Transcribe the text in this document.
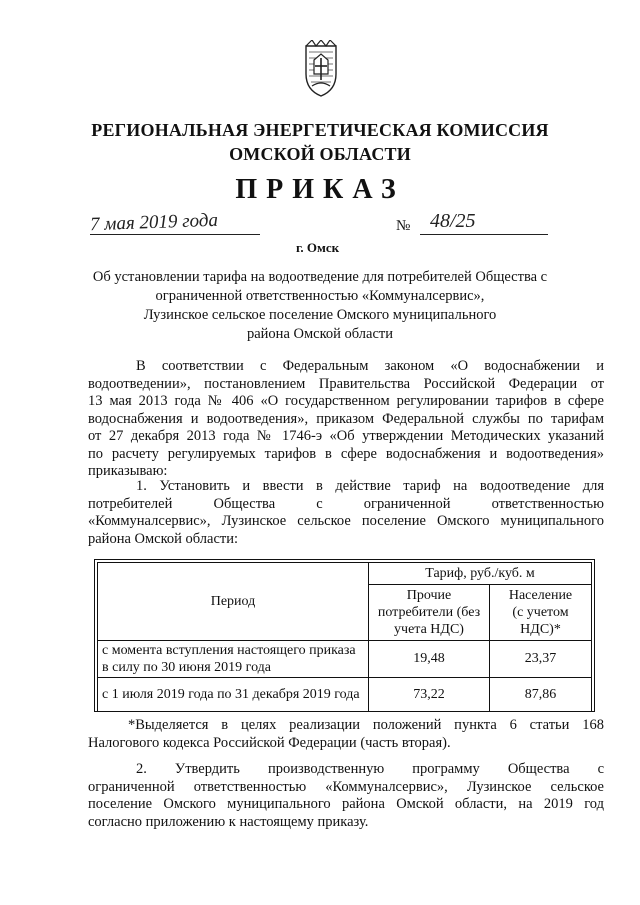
РЕГИОНАЛЬНАЯ ЭНЕРГЕТИЧЕСКАЯ КОМИССИЯ
ОМСКОЙ ОБЛАСТИ
ПРИКАЗ
7 мая 2019 года	№ 48/25
г. Омск
Об установлении тарифа на водоотведение для потребителей Общества с
ограниченной ответственностью «Коммуналсервис»,
Лузинское сельское поселение Омского муниципального
района Омской области
В соответствии с Федеральным законом «О водоснабжении и
водоотведении», постановлением Правительства Российской Федерации от
13 мая 2013 года № 406 «О государственном регулировании тарифов в сфере
водоснабжения и водоотведения», приказом Федеральной службы по тарифам
от 27 декабря 2013 года № 1746-э «Об утверждении Методических указаний
по расчету регулируемых тарифов в сфере водоснабжения и водоотведения»
приказываю:
1. Установить и ввести в действие тариф на водоотведение для
потребителей Общества с ограниченной ответственностью
«Коммуналсервис», Лузинское сельское поселение Омского муниципального
района Омской области:
Период	Тариф, руб./куб. м	
	Прочие потребители (без учета НДС)	Население (с учетом НДС)*
с момента вступления настоящего приказа в силу по 30 июня 2019 года	19,48	23,37
с 1 июля 2019 года по 31 декабря 2019 года	73,22	87,86
*Выделяется в целях реализации положений пункта 6 статьи 168
Налогового кодекса Российской Федерации (часть вторая).
2. Утвердить производственную программу Общества с
ограниченной ответственностью «Коммуналсервис», Лузинское сельское
поселение Омского муниципального района Омской области, на 2019 год
согласно приложению к настоящему приказу.
